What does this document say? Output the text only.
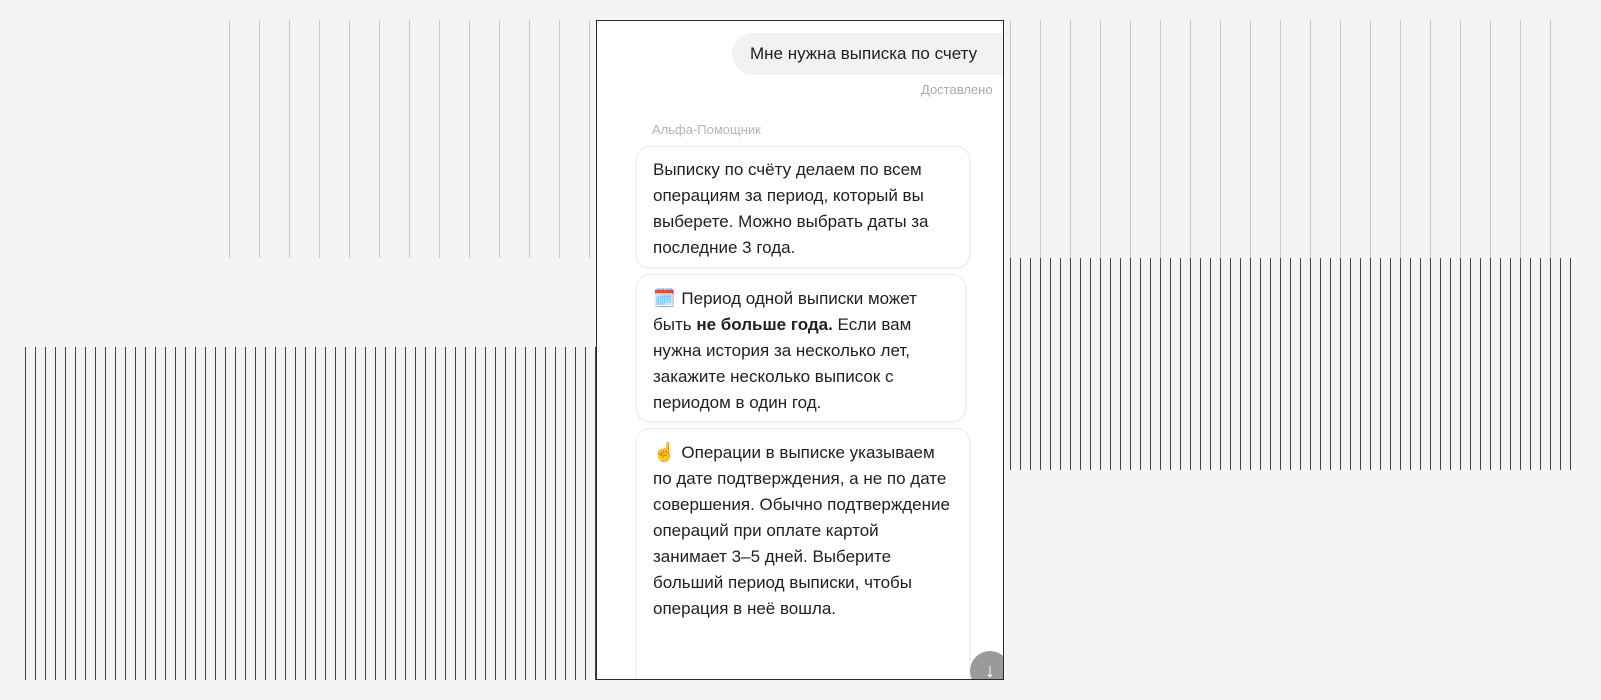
Мне нужна выписка по счету
Доставлено
Альфа-Помощник
Выписку по счёту делаем по всем операциям за период, который вы выберете. Можно выбрать даты за последние 3 года.
🗓️ Период одной выписки может быть не больше года. Если вам нужна история за несколько лет, закажите несколько выписок с периодом в один год.
☝️ Операции в выписке указываем по дате подтверждения, а не по дате совершения. Обычно подтверждение операций при оплате картой занимает 3–5 дней. Выберите больший период выписки, чтобы операция в неё вошла.
↓
